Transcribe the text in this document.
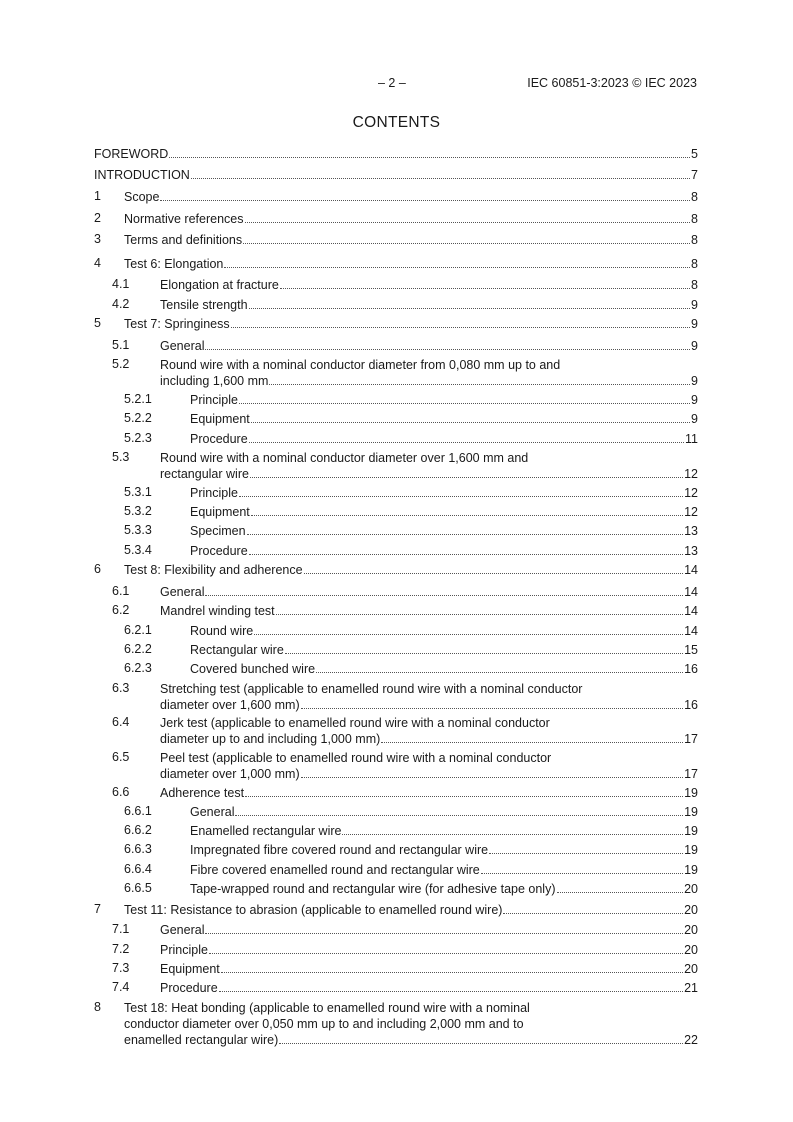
– 2 –	IEC 60851-3:2023 © IEC 2023
CONTENTS
FOREWORD	5
INTRODUCTION	7
1 Scope	8
2 Normative references	8
3 Terms and definitions	8
4 Test 6: Elongation	8
4.1 Elongation at fracture	8
4.2 Tensile strength	9
5 Test 7: Springiness	9
5.1 General	9
5.2 Round wire with a nominal conductor diameter from 0,080 mm up to and
including 1,600 mm	9
5.2.1	Principle	9
5.2.2	Equipment	9
5.2.3	Procedure	11
5.3 Round wire with a nominal conductor diameter over 1,600 mm and
rectangular wire	12
5.3.1	Principle	12
5.3.2	Equipment	12
5.3.3	Specimen	13
5.3.4	Procedure	13
6 Test 8: Flexibility and adherence	14
6.1 General	14
6.2 Mandrel winding test	14
6.2.1	Round wire	14
6.2.2	Rectangular wire	15
6.2.3	Covered bunched wire	16
6.3 Stretching test (applicable to enamelled round wire with a nominal conductor
diameter over 1,600 mm)	16
6.4 Jerk test (applicable to enamelled round wire with a nominal conductor
diameter up to and including 1,000 mm)	17
6.5 Peel test (applicable to enamelled round wire with a nominal conductor
diameter over 1,000 mm)	17
6.6 Adherence test	19
6.6.1	General	19
6.6.2	Enamelled rectangular wire	19
6.6.3	Impregnated fibre covered round and rectangular wire	19
6.6.4	Fibre covered enamelled round and rectangular wire	19
6.6.5	Tape-wrapped round and rectangular wire (for adhesive tape only)	20
7 Test 11: Resistance to abrasion (applicable to enamelled round wire)	20
7.1 General	20
7.2 Principle	20
7.3 Equipment	20
7.4 Procedure	21
8 Test 18: Heat bonding (applicable to enamelled round wire with a nominal
conductor diameter over 0,050 mm up to and including 2,000 mm and to
enamelled rectangular wire)	22
